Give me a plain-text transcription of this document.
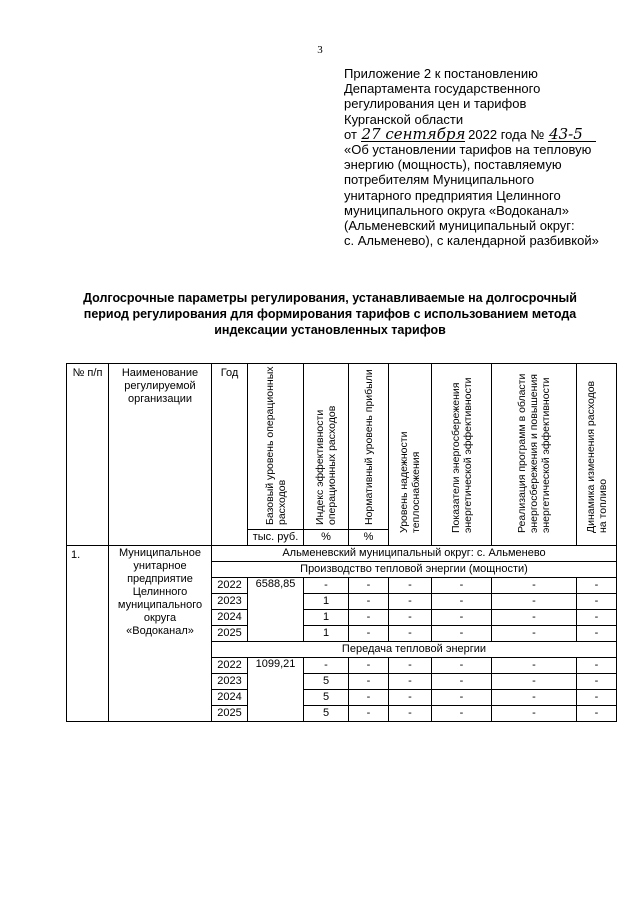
3
Приложение 2 к постановлению
Департамента государственного
регулирования цен и тарифов
Курганской области
от 27 сентября 2022 года № 43-5
«Об установлении тарифов на тепловую
энергию (мощность), поставляемую
потребителям Муниципального
унитарного предприятия Целинного
муниципального округа «Водоканал»
(Альменевский муниципальный округ:
с. Альменево), с календарной разбивкой»
Долгосрочные параметры регулирования, устанавливаемые на долгосрочный
период регулирования для формирования тарифов с использованием метода
индексации установленных тарифов
№ п/п	Наименование регулируемой организации	Год	Базовый уровень операционных расходов	Индекс эффективности операционных расходов	Нормативный уровень прибыли	Уровень надежности теплоснабжения	Показатели энергосбережения энергетической эффективности	Реализация программ в области энергосбережения и повышения энергетической эффективности	Динамика изменения расходов на топливо
			тыс. руб.	%	%				
1.	Муниципальное унитарное предприятие Целинного муниципального округа «Водоканал»	Альменевский муниципальный округ: с. Альменево							
		Производство тепловой энергии (мощности)							
		2022	6588,85	-	-	-	-	-	-
		2023		1	-	-	-	-	-
		2024		1	-	-	-	-	-
		2025		1	-	-	-	-	-
		Передача тепловой энергии							
		2022	1099,21	-	-	-	-	-	-
		2023		5	-	-	-	-	-
		2024		5	-	-	-	-	-
		2025		5	-	-	-	-	-
